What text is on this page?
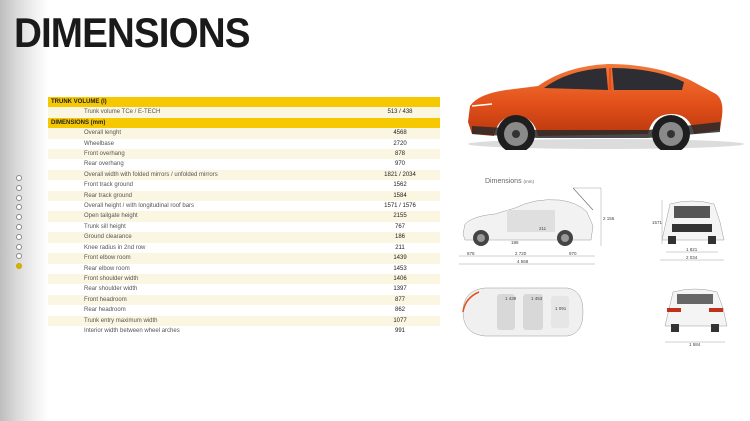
DIMENSIONS
TRUNK VOLUME (l)	
Trunk volume TCe / E-TECH	513 / 438
DIMENSIONS (mm)	
Overall lenght	4568
Wheelbase	2720
Front overhang	878
Rear overhang	970
Overall width with folded mirrors / unfolded mirrors	1821 / 2034
Front track ground	1562
Rear track ground	1584
Overall height / with longitudinal roof bars	1571 / 1576
Open tailgate height	2155
Trunk sill height	767
Ground clearance	186
Knee radius in 2nd row	211
Front elbow room	1439
Rear elbow room	1453
Front shoulder width	1406
Rear shoulder width	1397
Front headroom	877
Rear headroom	862
Trunk entry maximum width	1077
Interior width between wheel arches	991
Dimensions (mm)
878	2 720	970
4 568
2 155
186
211
1 439	1 453
1 091
1571
1 821
2 034
1 584
